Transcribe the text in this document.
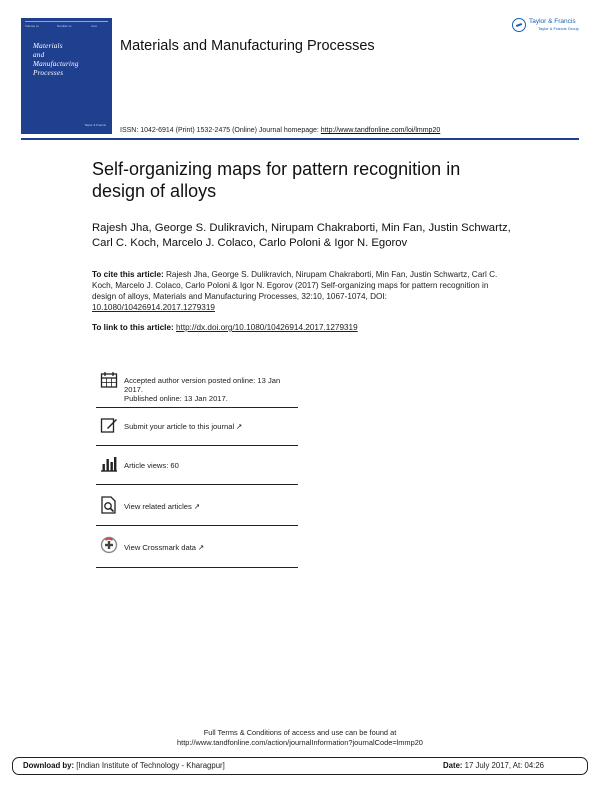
Volume xx	Number xx	xxxx
Materials
and
Manufacturing
Processes
Taylor & Francis
Materials and Manufacturing Processes
Taylor & Francis
Taylor & Francis Group
ISSN: 1042-6914 (Print) 1532-2475 (Online) Journal homepage: http://www.tandfonline.com/loi/lmmp20
Self-organizing maps for pattern recognition in design of alloys
Rajesh Jha, George S. Dulikravich, Nirupam Chakraborti, Min Fan, Justin Schwartz, Carl C. Koch, Marcelo J. Colaco, Carlo Poloni & Igor N. Egorov
To cite this article: Rajesh Jha, George S. Dulikravich, Nirupam Chakraborti, Min Fan, Justin Schwartz, Carl C. Koch, Marcelo J. Colaco, Carlo Poloni & Igor N. Egorov (2017) Self-organizing maps for pattern recognition in design of alloys, Materials and Manufacturing Processes, 32:10, 1067-1074, DOI: 10.1080/10426914.2017.1279319
To link to this article: http://dx.doi.org/10.1080/10426914.2017.1279319
Accepted author version posted online: 13 Jan 2017.
Published online: 13 Jan 2017.
Submit your article to this journal ↗
Article views: 60
View related articles ↗
View Crossmark data ↗
Full Terms & Conditions of access and use can be found at
http://www.tandfonline.com/action/journalInformation?journalCode=lmmp20
Download by: [Indian Institute of Technology - Kharagpur]	Date: 17 July 2017, At: 04:26
